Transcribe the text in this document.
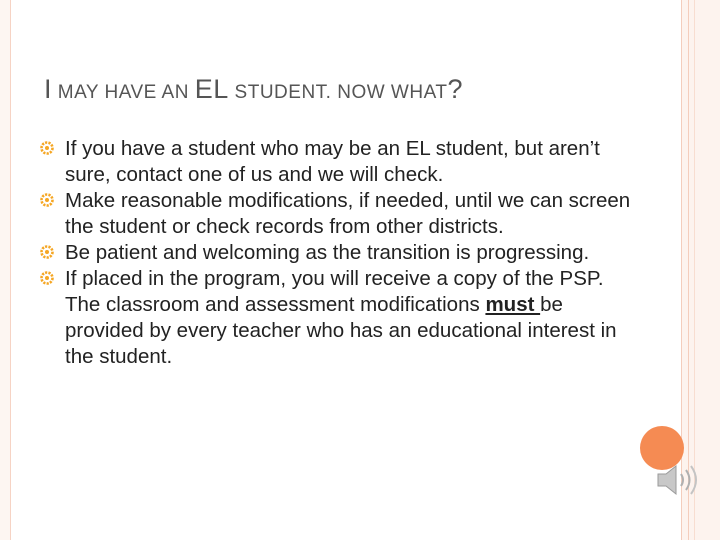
I MAY HAVE AN EL STUDENT. NOW WHAT?
If you have a student who may be an EL student, but aren’t sure, contact one of us and we will check.
Make reasonable modifications, if needed, until we can screen the student or check records from other districts.
Be patient and welcoming as the transition is progressing.
If placed in the program, you will receive a copy of the PSP. The classroom and assessment modifications must be provided by every teacher who has an educational interest in the student.
